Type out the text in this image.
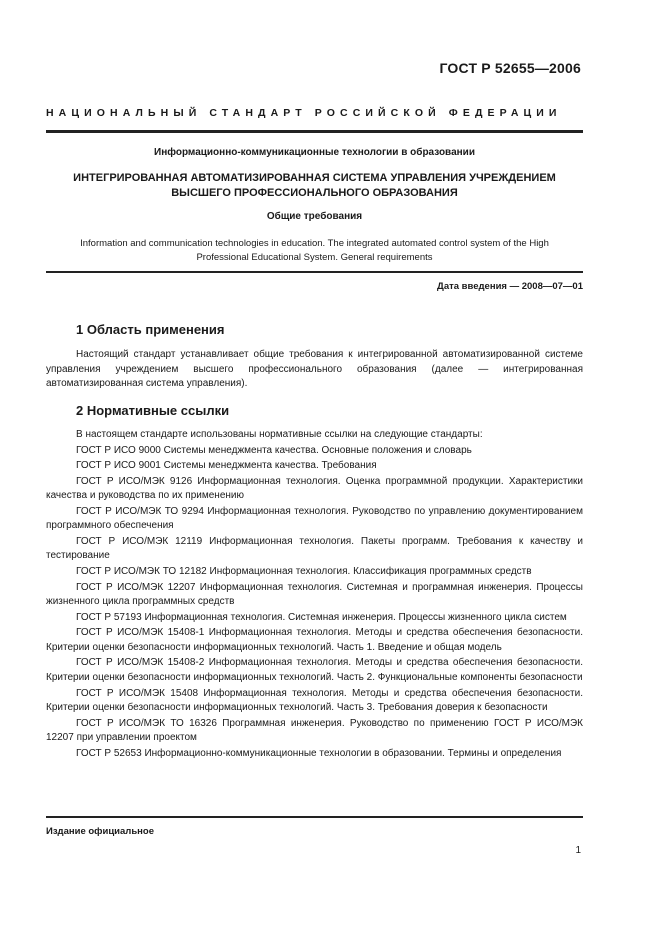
ГОСТ Р 52655—2006
НАЦИОНАЛЬНЫЙ СТАНДАРТ РОССИЙСКОЙ ФЕДЕРАЦИИ
Информационно-коммуникационные технологии в образовании
ИНТЕГРИРОВАННАЯ АВТОМАТИЗИРОВАННАЯ СИСТЕМА УПРАВЛЕНИЯ УЧРЕЖДЕНИЕМ
ВЫСШЕГО ПРОФЕССИОНАЛЬНОГО ОБРАЗОВАНИЯ
Общие требования
Information and communication technologies in education. The integrated automated control system of the High
Professional Educational System. General requirements
Дата введения — 2008—07—01
1 Область применения

Настоящий стандарт устанавливает общие требования к интегрированной автоматизированной системе управления учреждением высшего профессионального образования (далее — интегрированная автоматизированная система управления).

2 Нормативные ссылки

В настоящем стандарте использованы нормативные ссылки на следующие стандарты:

ГОСТ Р ИСО 9000 Системы менеджмента качества. Основные положения и словарь

ГОСТ Р ИСО 9001 Системы менеджмента качества. Требования

ГОСТ Р ИСО/МЭК 9126 Информационная технология. Оценка программной продукции. Характеристики качества и руководства по их применению

ГОСТ Р ИСО/МЭК ТО 9294 Информационная технология. Руководство по управлению документированием программного обеспечения

ГОСТ Р ИСО/МЭК 12119 Информационная технология. Пакеты программ. Требования к качеству и тестирование

ГОСТ Р ИСО/МЭК ТО 12182 Информационная технология. Классификация программных средств

ГОСТ Р ИСО/МЭК 12207 Информационная технология. Системная и программная инженерия. Процессы жизненного цикла программных средств

ГОСТ Р 57193 Информационная технология. Системная инженерия. Процессы жизненного цикла систем

ГОСТ Р ИСО/МЭК 15408-1 Информационная технология. Методы и средства обеспечения безопасности. Критерии оценки безопасности информационных технологий. Часть 1. Введение и общая модель

ГОСТ Р ИСО/МЭК 15408-2 Информационная технология. Методы и средства обеспечения безопасности. Критерии оценки безопасности информационных технологий. Часть 2. Функциональные компоненты безопасности

ГОСТ Р ИСО/МЭК 15408 Информационная технология. Методы и средства обеспечения безопасности. Критерии оценки безопасности информационных технологий. Часть 3. Требования доверия к безопасности

ГОСТ Р ИСО/МЭК ТО 16326 Программная инженерия. Руководство по применению ГОСТ Р ИСО/МЭК 12207 при управлении проектом

ГОСТ Р 52653 Информационно-коммуникационные технологии в образовании. Термины и определения

Издание официальное
1
